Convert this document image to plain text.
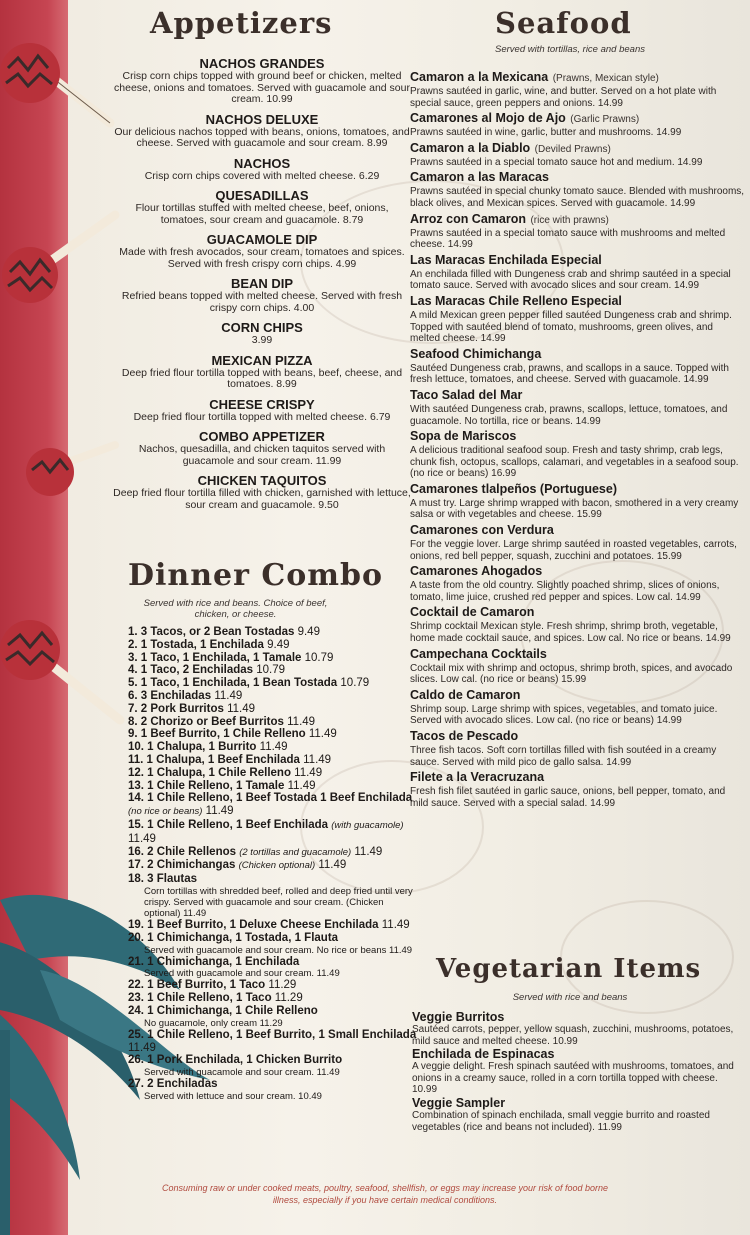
Appetizers	Seafood
Served with tortillas, rice and beans
Dinner Combo
Served with rice and beans. Choice of beef, chicken, or cheese.
Vegetarian Items
Served with rice and beans
NACHOS GRANDES
Crisp corn chips topped with ground beef or chicken, melted cheese, onions and tomatoes. Served with guacamole and sour cream. 10.99
NACHOS DELUXE
Our delicious nachos topped with beans, onions, tomatoes, and cheese. Served with guacamole and sour cream. 8.99
NACHOS
Crisp corn chips covered with melted cheese. 6.29
QUESADILLAS
Flour tortillas stuffed with melted cheese, beef, onions, tomatoes, sour cream and guacamole. 8.79
GUACAMOLE DIP
Made with fresh avocados, sour cream, tomatoes and spices. Served with fresh crispy corn chips. 4.99
BEAN DIP
Refried beans topped with melted cheese. Served with fresh crispy corn chips. 4.00
CORN CHIPS
3.99
MEXICAN PIZZA
Deep fried flour tortilla topped with beans, beef, cheese, and tomatoes. 8.99
CHEESE CRISPY
Deep fried flour tortilla topped with melted cheese. 6.79
COMBO APPETIZER
Nachos, quesadilla, and chicken taquitos served with guacamole and sour cream. 11.99
CHICKEN TAQUITOS
Deep fried flour tortilla filled with chicken, garnished with lettuce, sour cream and guacamole. 9.50
1. 3 Tacos, or 2 Bean Tostadas 9.49
2. 1 Tostada, 1 Enchilada 9.49
3. 1 Taco, 1 Enchilada, 1 Tamale 10.79
4. 1 Taco, 2 Enchiladas 10.79
5. 1 Taco, 1 Enchilada, 1 Bean Tostada 10.79
6. 3 Enchiladas 11.49
7. 2 Pork Burritos 11.49
8. 2 Chorizo or Beef Burritos 11.49
9. 1 Beef Burrito, 1 Chile Relleno 11.49
10. 1 Chalupa, 1 Burrito 11.49
11. 1 Chalupa, 1 Beef Enchilada 11.49
12. 1 Chalupa, 1 Chile Relleno 11.49
13. 1 Chile Relleno, 1 Tamale 11.49
14. 1 Chile Relleno, 1 Beef Tostada 1 Beef Enchilada (no rice or beans) 11.49
15. 1 Chile Relleno, 1 Beef Enchilada (with guacamole) 11.49
16. 2 Chile Rellenos (2 tortillas and guacamole) 11.49
17. 2 Chimichangas (Chicken optional) 11.49
18. 3 Flautas
Corn tortillas with shredded beef, rolled and deep fried until very crispy. Served with guacamole and sour cream. (Chicken optional) 11.49
19. 1 Beef Burrito, 1 Deluxe Cheese Enchilada 11.49
20. 1 Chimichanga, 1 Tostada, 1 Flauta
Served with guacamole and sour cream. No rice or beans 11.49
21. 1 Chimichanga, 1 Enchilada
Served with guacamole and sour cream. 11.49
22. 1 Beef Burrito, 1 Taco 11.29
23. 1 Chile Relleno, 1 Taco 11.29
24. 1 Chimichanga, 1 Chile Relleno
No guacamole, only cream 11.29
25. 1 Chile Relleno, 1 Beef Burrito, 1 Small Enchilada 11.49
26. 1 Pork Enchilada, 1 Chicken Burrito
Served with guacamole and sour cream. 11.49
27. 2 Enchiladas
Served with lettuce and sour cream. 10.49
Camaron a la Mexicana (Prawns, Mexican style)
Prawns sautéed in garlic, wine, and butter. Served on a hot plate with special sauce, green peppers and onions. 14.99
Camarones al Mojo de Ajo (Garlic Prawns)
Prawns sautéed in wine, garlic, butter and mushrooms. 14.99
Camaron a la Diablo (Deviled Prawns)
Prawns sautéed in a special tomato sauce hot and medium. 14.99
Camaron a las Maracas
Prawns sautéed in special chunky tomato sauce. Blended with mushrooms, black olives, and Mexican spices. Served with guacamole. 14.99
Arroz con Camaron (rice with prawns)
Prawns sautéed in a special tomato sauce with mushrooms and melted cheese. 14.99
Las Maracas Enchilada Especial
An enchilada filled with Dungeness crab and shrimp sautéed in a special tomato sauce. Served with avocado slices and sour cream. 14.99
Las Maracas Chile Relleno Especial
A mild Mexican green pepper filled sautéed Dungeness crab and shrimp. Topped with sautéed blend of tomato, mushrooms, green olives, and melted cheese. 14.99
Seafood Chimichanga
Sautéed Dungeness crab, prawns, and scallops in a sauce. Topped with fresh lettuce, tomatoes, and cheese. Served with guacamole. 14.99
Taco Salad del Mar
With sautéed Dungeness crab, prawns, scallops, lettuce, tomatoes, and guacamole. No tortilla, rice or beans. 14.99
Sopa de Mariscos
A delicious traditional seafood soup. Fresh and tasty shrimp, crab legs, chunk fish, octopus, scallops, calamari, and vegetables in a seafood soup. (no rice or beans) 16.99
Camarones tlalpeños (Portuguese)
A must try. Large shrimp wrapped with bacon, smothered in a very creamy salsa or with vegetables and cheese. 15.99
Camarones con Verdura
For the veggie lover. Large shrimp sautéed in roasted vegetables, carrots, onions, red bell pepper, squash, zucchini and potatoes. 15.99
Camarones Ahogados
A taste from the old country. Slightly poached shrimp, slices of onions, tomato, lime juice, crushed red pepper and spices. Low cal. 14.99
Cocktail de Camaron
Shrimp cocktail Mexican style. Fresh shrimp, shrimp broth, vegetable, home made cocktail sauce, and spices. Low cal. No rice or beans. 14.99
Campechana Cocktails
Cocktail mix with shrimp and octopus, shrimp broth, spices, and avocado slices. Low cal. (no rice or beans) 15.99
Caldo de Camaron
Shrimp soup. Large shrimp with spices, vegetables, and tomato juice. Served with avocado slices. Low cal. (no rice or beans) 14.99
Tacos de Pescado
Three fish tacos. Soft corn tortillas filled with fish soutéed in a creamy sauce. Served with mild pico de gallo salsa. 14.99
Filete a la Veracruzana
Fresh fish filet sautéed in garlic sauce, onions, bell pepper, tomato, and mild sauce. Served with a special salad. 14.99
Veggie Burritos
Sautéed carrots, pepper, yellow squash, zucchini, mushrooms, potatoes, mild sauce and melted cheese. 10.99
Enchilada de Espinacas
A veggie delight. Fresh spinach sautéed with mushrooms, tomatoes, and onions in a creamy sauce, rolled in a corn tortilla topped with cheese. 10.99
Veggie Sampler
Combination of spinach enchilada, small veggie burrito and roasted vegetables (rice and beans not included). 11.99
Consuming raw or under cooked meats, poultry, seafood, shellfish, or eggs may increase your risk of food borne
illness, especially if you have certain medical conditions.
